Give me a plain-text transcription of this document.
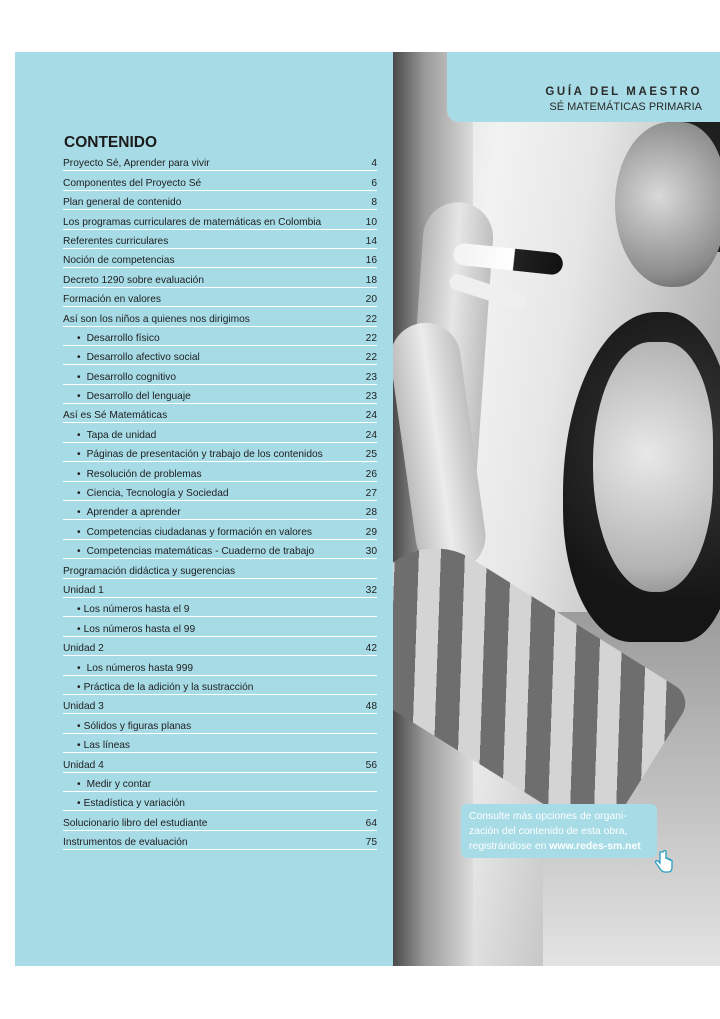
GUÍA DEL MAESTRO
SÉ MATEMÁTICAS PRIMARIA
CONTENIDO
Proyecto Sé, Aprender para vivir	4
Componentes del Proyecto Sé	6
Plan general de contenido	8
Los programas curriculares de matemáticas en Colombia	10
Referentes curriculares	14
Noción de competencias	16
Decreto 1290 sobre evaluación	18
Formación en valores	20
Así son los niños a quienes nos dirigimos	22
• Desarrollo físico	22
• Desarrollo afectivo social	22
• Desarrollo cognitivo	23
• Desarrollo del lenguaje	23
Así es Sé Matemáticas	24
• Tapa de unidad	24
• Páginas de presentación y trabajo de los contenidos	25
• Resolución de problemas	26
• Ciencia, Tecnología y Sociedad	27
• Aprender a aprender	28
• Competencias ciudadanas y formación en valores	29
• Competencias matemáticas - Cuaderno de trabajo	30
Programación didáctica y sugerencias
Unidad 1	32
• Los números hasta el 9
• Los números hasta el 99
Unidad 2	42
• Los números hasta 999
• Práctica de la adición y la sustracción
Unidad 3	48
• Sólidos y figuras planas
• Las líneas
Unidad 4	56
• Medir y contar
• Estadística y variación
Solucionario libro del estudiante	64
Instrumentos de evaluación	75
Consulte más opciones de organi-
zación del contenido de esta obra,
registrándose en www.redes-sm.net
